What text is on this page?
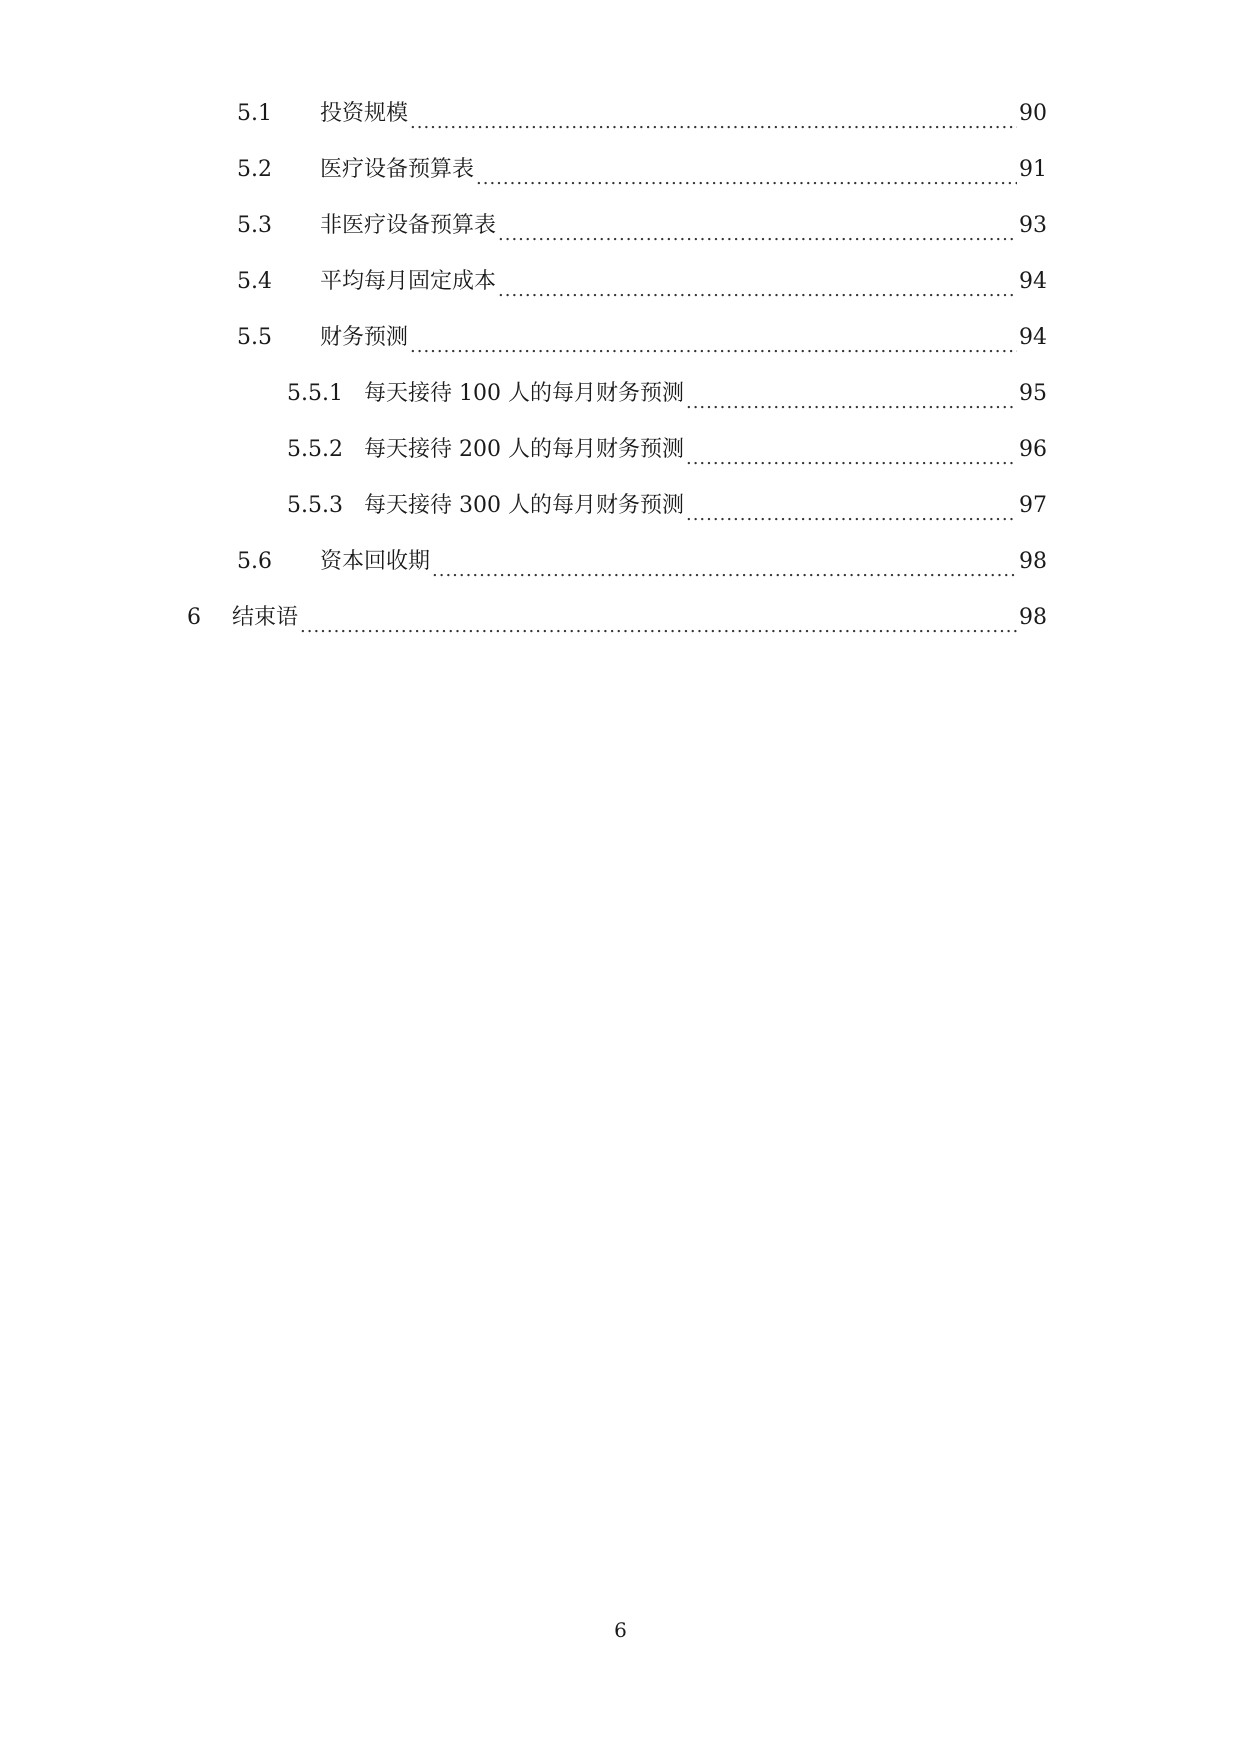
5.1 投资规模 .....	90
5.2 医疗设备预算表 .....	91
5.3 非医疗设备预算表 .....	93
5.4 平均每月固定成本 .....	94
5.5 财务预测 .....	94
5.5.1 每天接待 100 人的每月财务预测 .....	95
5.5.2 每天接待 200 人的每月财务预测 .....	96
5.5.3 每天接待 300 人的每月财务预测 .....	97
5.6 资本回收期 .....	98
6 结束语 .....	98
6
